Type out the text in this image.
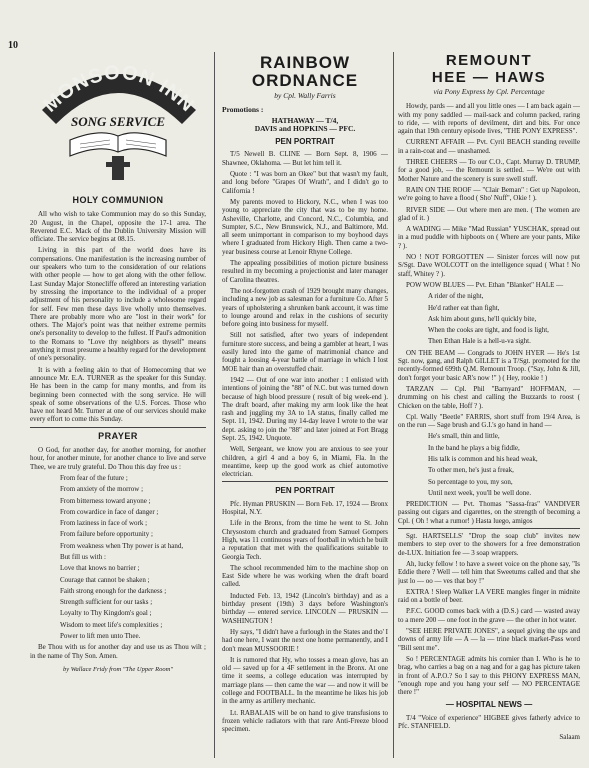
10
MONSOON INN
SONG SERVICE
HOLY COMMUNION

All who wish to take Communion may do so this Sunday, 20 August, in the Chapel, opposite the 17-1 area. The Reverend E.C. Mack of the Dublin University Mission will officiate. The service begins at 08.15.

Living in this part of the world does have its compensations. One manifestation is the increasing number of our speakers who turn to the consideration of our relations with other people — how to get along with the other fellow. Last Sunday Major Stonecliffe offered an interesting variation by stressing the importance to the individual of a proper adjustment of his personality to include a wholesome regard for self. Few men these days live wholly unto themselves. There are probably more who are "lost in their work" for others. The Major's point was that neither extreme permits one's personality to develop to the fullest. If Paul's admonition to the Romans to "Love thy neighbors as thyself" means anything it must presume a healthy regard for the development of one's personality.

It is with a feeling akin to that of Homecoming that we announce Mr. E.A. TURNER as the speaker for this Sunday. He has been in the camp for many months, and from its beginning been connected with the song service. He will speak of some observations of the U.S. Forces. Those who have not heard Mr. Turner at one of our services should make every effort to come this Sunday.

PRAYER

O God, for another day, for another morning, for another hour, for another minute, for another chance to live and serve Thee, we are truly grateful. Do Thou this day free us :

From fear of the future ;

From anxiety of the morrow ;

From bitterness toward anyone ;

From cowardice in face of danger ;

From laziness in face of work ;

From failure before opportunity ;

From weakness when Thy power is at hand,

But fill us with :

Love that knows no barrier ;

Courage that cannot be shaken ;

Faith strong enough for the darkness ;

Strength sufficient for our tasks ;

Loyalty to Thy Kingdom's goal ;

Wisdom to meet life's complexities ;

Power to lift men unto Thee.

Be Thou with us for another day and use us as Thou wilt ; in the name of Thy Son. Amen.

by Wallace Fridy from "The Upper Room"
RAINBOW ORDNANCE
by Cpl. Wally Farris
Promotions :
HATHAWAY — T/4,
DAVIS and HOPKINS — PFC.
PEN PORTRAIT

T/5 Newell B. CLINE — Born Sept. 8, 1906 — Shawnee, Oklahoma. — But let him tell it.

Quote : "I was born an Okee" but that wasn't my fault, and long before "Grapes Of Wrath", and I didn't go to California !

My parents moved to Hickory, N.C., when I was too young to appreciate the city that was to be my home. Asheville, Charlotte, and Concord, N.C., Columbia, and Sumpter, S.C., New Brunswick, N.J., and Baltimore, Md. all seem unimportant in comparison to my boyhood days where I graduated from Hickory High. Then came a two-year business course at Lenoir Rhyne College.

The appealing possibilities of motion picture business resulted in my becoming a projectionist and later manager of Carolina theatres.

The not-forgotten crash of 1929 brought many changes, including a new job as salesman for a furniture Co. After 5 years of upholstering a shrunken bank account, it was time to lounge around and relax in the cushions of security before going into business for myself.

Still not satisfied, after two years of independent furniture store success, and being a gambler at heart, I was easily lured into the game of matrimonial chance and fought a loosing 4-year battle of marriage in which I lost MOE hair than an overstuffed chair.

1942 — Out of one war into another : I enlisted with intentions of joining the "88" of N.C. but was turned down because of high blood pressure ( result of big week-end ). The draft board, after making my arm look like the heat rash and juggling my 3A to 1A status, finally called me Sept. 11, 1942. During my 14-day leave I wrote to the war dept. asking to join the "88" and later joined at Fort Bragg Sept. 25, 1942. Unquote.

Well, Sergeant, we know you are anxious to see your children, a girl 4 and a boy 6, in Miami, Fla. In the meantime, keep up the good work as chief automotive electrician.

PEN PORTRAIT

Pfc. Hyman PRUSKIN — Born Feb. 17, 1924 — Bronx Hospital, N.Y.

Life in the Bronx, from the time he went to St. John Chrysostom church and graduated from Samuel Gompers High, was 11 continuous years of football in which he built a reputation that met with the qualifications suitable to Georgia Tech.

The school recommended him to the machine shop on East Side where he was working when the draft board called.

Inducted Feb. 13, 1942 (Lincoln's birthday) and as a birthday present (19th) 3 days before Washington's birthday — entered service. LINCOLN — PRUSKIN — WASHINGTON !

Hy says, "I didn't have a furlough in the States and tho' I had one here, I want the next one home permanently, and I don't mean MUSSOORIE !

It is rumored that Hy, who tosses a mean glove, has an old — saved up for a 4F settlement in the Bronx. At one time it seems, a college education was interrupted by marriage plans — then came the war — and now it will be college and FOOTBALL. In the meantime he likes his job in the army as artillery mechanic.

Lt. RABALAIS will be on hand to give transfusions to frozen vehicle radiators with that rare Anti-Freeze blood specimen.

REMOUNT
HEE — HAWS
via Pony Express by Cpl. Percentage

Howdy, pards — and all you little ones — I am back again — with my pony saddled — mail-sack and column packed, raring to ride, — with reports of devilment, dirt and bits. For once again that 19th century episode lives, "THE PONY EXPRESS".

CURRENT AFFAIR — Pvt. Cyril BEACH standing reveille in a rain-coat and — unashamed.

THREE CHEERS — To our C.O., Capt. Murray D. TRUMP, for a good job, — the Remount is settled. — We're out with Mother Nature and the scenery is sure swell stuff.

RAIN ON THE ROOF — "Clair Beman" : Get up Napoleon, we're going to have a flood ( Sho' Nuff", Okie ! ).

RIVER SIDE — Out where men are men. ( The women are glad of it. )

A WADING — Mike "Mad Russian" YUSCHAK, spread out in a mud puddle with hipboots on ( Where are your pants, Mike ? ).

NO ! NOT FORGOTTEN — Sinister forces will now put S/Sgt. Dave WOLCOTT on the intelligence squad ( What ! No staff, Whitey ? ).

POW WOW BLUES — Pvt. Ethan "Blanket" HALE —

A rider of the night,

He'd rather eat than fight,

Ask him about guns, he'll quickly bite,

When the cooks are tight, and food is light,

Then Ethan Hale is a hell-u-va sight.

ON THE BEAM — Congrads to JOHN HYER — He's 1st Sgt. now, gang, and Ralph GILLET is a T/Sgt. promoted for the recently-formed 699th Q.M. Remount Troop. ("Say, John & Jill, don't forget your basic AR's now !" ) ( Hey, rookie ! )

TARZAN — Cpl. Phil "Barnyard" HOFFMAN, — drumming on his chest and calling the Buzzards to roost ( Chicken on the table, Hoff ? ).

Cpl. Wally "Beetle" FARRIS, short stuff from 19/4 Area, is on the run — Sage brush and G.I.'s go hand in hand —

He's small, thin and little,

In the band he plays a big fiddle,

His talk is common and his head weak,

To other men, he's just a freak,

So percentage to you, my son,

Until next week, you'll be well done.

PREDICTION — Pvt. Thomas "Sassa-fras" VANDIVER passing out cigars and cigarettes, on the strength of becoming a Cpl. ( Oh ! what a rumor! ) Hasta luego, amigos

Sgt. HARTSELLS' "Drop the soap club" invites new members to step over to the showers for a free demonstration de-LUX. Initiation fee — 3 soap wrappers.

Ah, lucky fellow ! to have a sweet voice on the phone say, "Is Eddie there ? Well — tell him that Sweetums called and that she just lo — oo — ves that boy !"

EXTRA ! Sleep Walker LA VERE mangles finger in midnite raid on a bottle of beer.

P.F.C. GOOD comes back with a (D.S.) card — wasted away to a mere 200 — one foot in the grave — the other in hot water.

"SEE HERE PRIVATE JONES", a sequel giving the ups and downs of army life — A — la — trine black market-Pass word "Bill sent me".

So ! PERCENTAGE admits his cornier than I. Who is he to brag, who carries a bag on a nag and for a gag has picture taken in front of A.P.O.? So I say to this PHONY EXPRESS MAN, "enough rope and you hang your self — NO PERCENTAGE there !"

— HOSPITAL NEWS —

T/4 "Voice of experience" HIGBEE gives fatherly advice to Pfc. STANFIELD.

Salaam
